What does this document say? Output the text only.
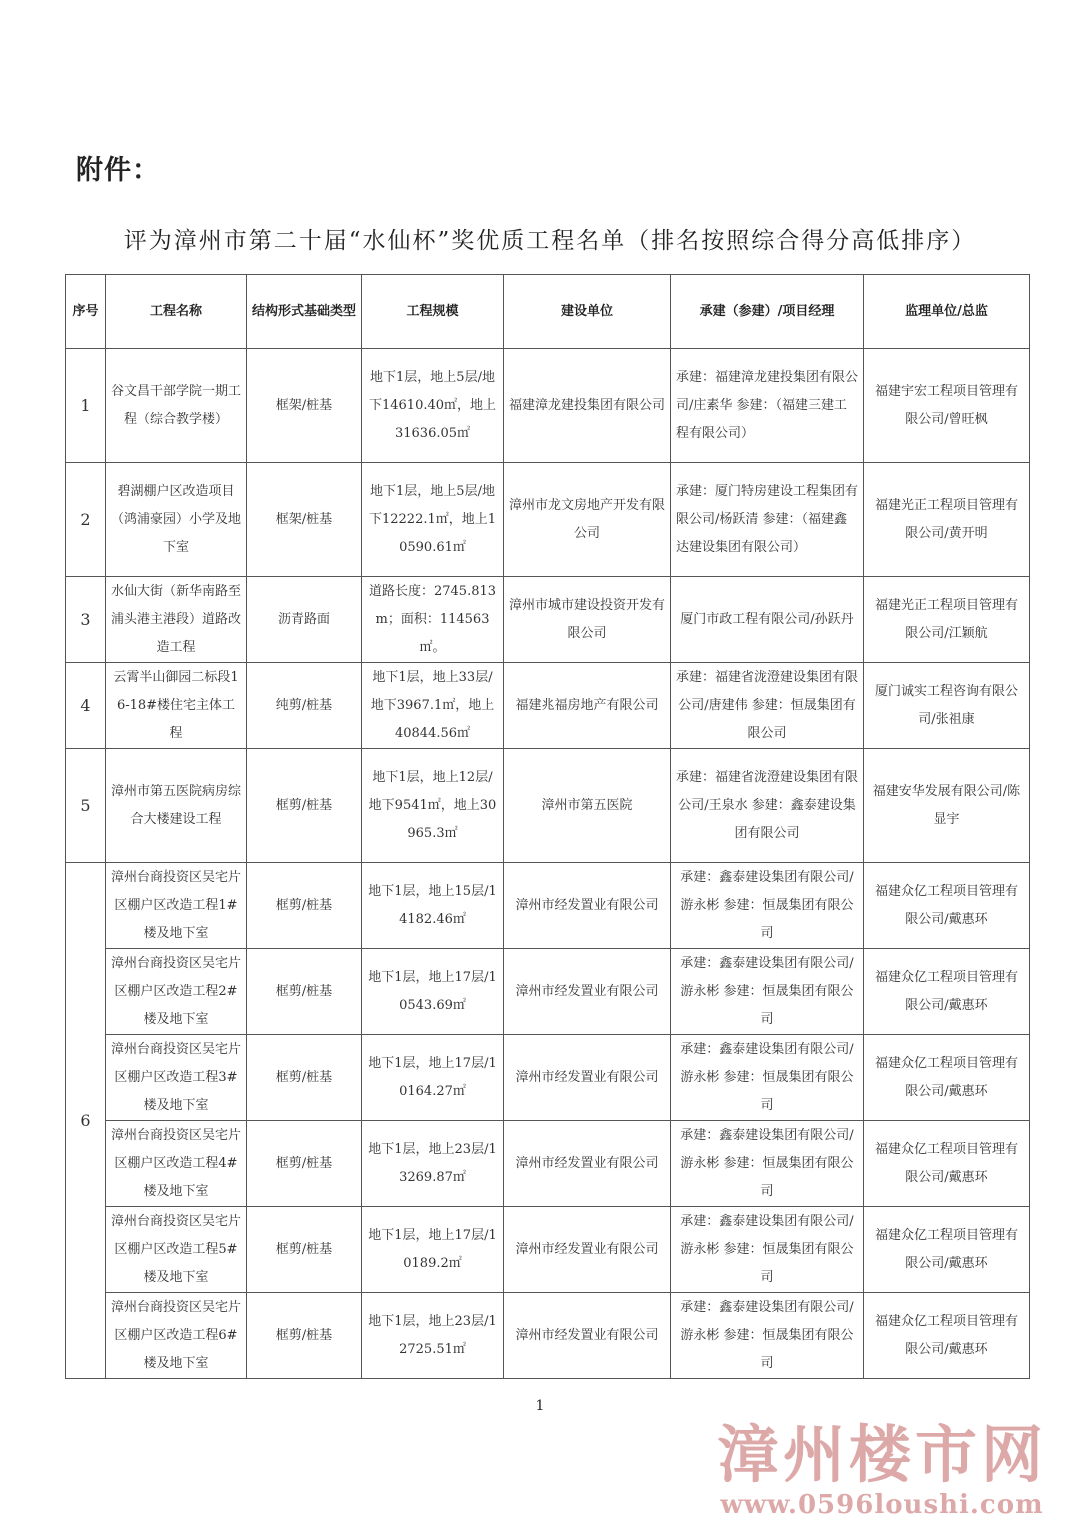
附件：
评为漳州市第二十届“水仙杯”奖优质工程名单（排名按照综合得分高低排序）
序号	工程名称	结构形式基础类型	工程规模	建设单位	承建（参建）/项目经理	监理单位/总监
1	谷文昌干部学院一期工程（综合教学楼）	框架/桩基	地下1层，地上5层/地下14610.40㎡，地上31636.05㎡	福建漳龙建投集团有限公司	承建：福建漳龙建投集团有限公司/庄素华 参建：（福建三建工程有限公司）	福建宇宏工程项目管理有限公司/曾旺枫
2	碧湖棚户区改造项目（鸿浦豪园）小学及地下室	框架/桩基	地下1层，地上5层/地下12222.1㎡，地上10590.61㎡	漳州市龙文房地产开发有限公司	承建：厦门特房建设工程集团有限公司/杨跃清 参建：（福建鑫达建设集团有限公司）	福建光正工程项目管理有限公司/黄开明
3	水仙大街（新华南路至浦头港主港段）道路改造工程	沥青路面	道路长度：2745.813m；面积：114563㎡。	漳州市城市建设投资开发有限公司	厦门市政工程有限公司/孙跃丹	福建光正工程项目管理有限公司/江颖航
4	云霄半山御园二标段16-18#楼住宅主体工程	纯剪/桩基	地下1层，地上33层/地下3967.1㎡，地上40844.56㎡	福建兆福房地产有限公司	承建：福建省泷澄建设集团有限公司/唐建伟 参建：恒晟集团有限公司	厦门诚实工程咨询有限公司/张祖康
5	漳州市第五医院病房综合大楼建设工程	框剪/桩基	地下1层，地上12层/地下9541㎡，地上30965.3㎡	漳州市第五医院	承建：福建省泷澄建设集团有限公司/王泉水 参建：鑫泰建设集团有限公司	福建安华发展有限公司/陈显宇
6	漳州台商投资区吴宅片区棚户区改造工程1#楼及地下室	框剪/桩基	地下1层，地上15层/14182.46㎡	漳州市经发置业有限公司	承建：鑫泰建设集团有限公司/游永彬 参建：恒晟集团有限公司	福建众亿工程项目管理有限公司/戴惠环
	漳州台商投资区吴宅片区棚户区改造工程2#楼及地下室	框剪/桩基	地下1层，地上17层/10543.69㎡	漳州市经发置业有限公司	承建：鑫泰建设集团有限公司/游永彬 参建：恒晟集团有限公司	福建众亿工程项目管理有限公司/戴惠环
	漳州台商投资区吴宅片区棚户区改造工程3#楼及地下室	框剪/桩基	地下1层，地上17层/10164.27㎡	漳州市经发置业有限公司	承建：鑫泰建设集团有限公司/游永彬 参建：恒晟集团有限公司	福建众亿工程项目管理有限公司/戴惠环
	漳州台商投资区吴宅片区棚户区改造工程4#楼及地下室	框剪/桩基	地下1层，地上23层/13269.87㎡	漳州市经发置业有限公司	承建：鑫泰建设集团有限公司/游永彬 参建：恒晟集团有限公司	福建众亿工程项目管理有限公司/戴惠环
	漳州台商投资区吴宅片区棚户区改造工程5#楼及地下室	框剪/桩基	地下1层，地上17层/10189.2㎡	漳州市经发置业有限公司	承建：鑫泰建设集团有限公司/游永彬 参建：恒晟集团有限公司	福建众亿工程项目管理有限公司/戴惠环
	漳州台商投资区吴宅片区棚户区改造工程6#楼及地下室	框剪/桩基	地下1层，地上23层/12725.51㎡	漳州市经发置业有限公司	承建：鑫泰建设集团有限公司/游永彬 参建：恒晟集团有限公司	福建众亿工程项目管理有限公司/戴惠环
1
漳州楼市网
www.0596loushi.com
